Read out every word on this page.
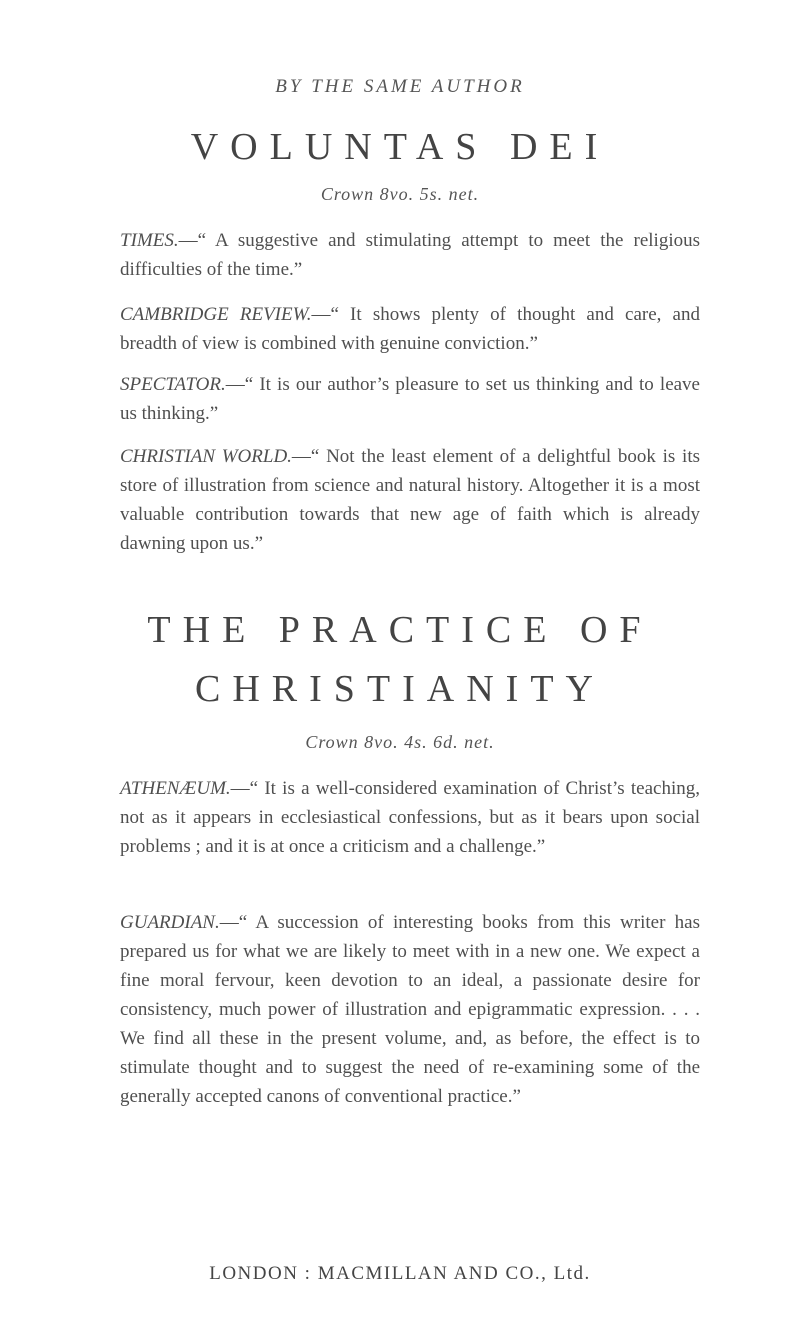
BY THE SAME AUTHOR
VOLUNTAS DEI
Crown 8vo. 5s. net.
TIMES.—“ A suggestive and stimulating attempt to meet the religious difficulties of the time.”
CAMBRIDGE REVIEW.—“ It shows plenty of thought and care, and breadth of view is combined with genuine conviction.”
SPECTATOR.—“ It is our author’s pleasure to set us thinking and to leave us thinking.”
CHRISTIAN WORLD.—“ Not the least element of a delightful book is its store of illustration from science and natural history. Altogether it is a most valuable contribution towards that new age of faith which is already dawning upon us.”
THE PRACTICE OF
CHRISTIANITY
Crown 8vo. 4s. 6d. net.
ATHENÆUM.—“ It is a well-considered examination of Christ’s teaching, not as it appears in ecclesiastical confessions, but as it bears upon social problems ; and it is at once a criticism and a challenge.”
GUARDIAN.—“ A succession of interesting books from this writer has prepared us for what we are likely to meet with in a new one. We expect a fine moral fervour, keen devotion to an ideal, a passionate desire for consistency, much power of illustration and epigrammatic expression. . . . We find all these in the present volume, and, as before, the effect is to stimulate thought and to suggest the need of re-examining some of the generally accepted canons of conventional practice.”
LONDON : MACMILLAN AND CO., Ltd.
